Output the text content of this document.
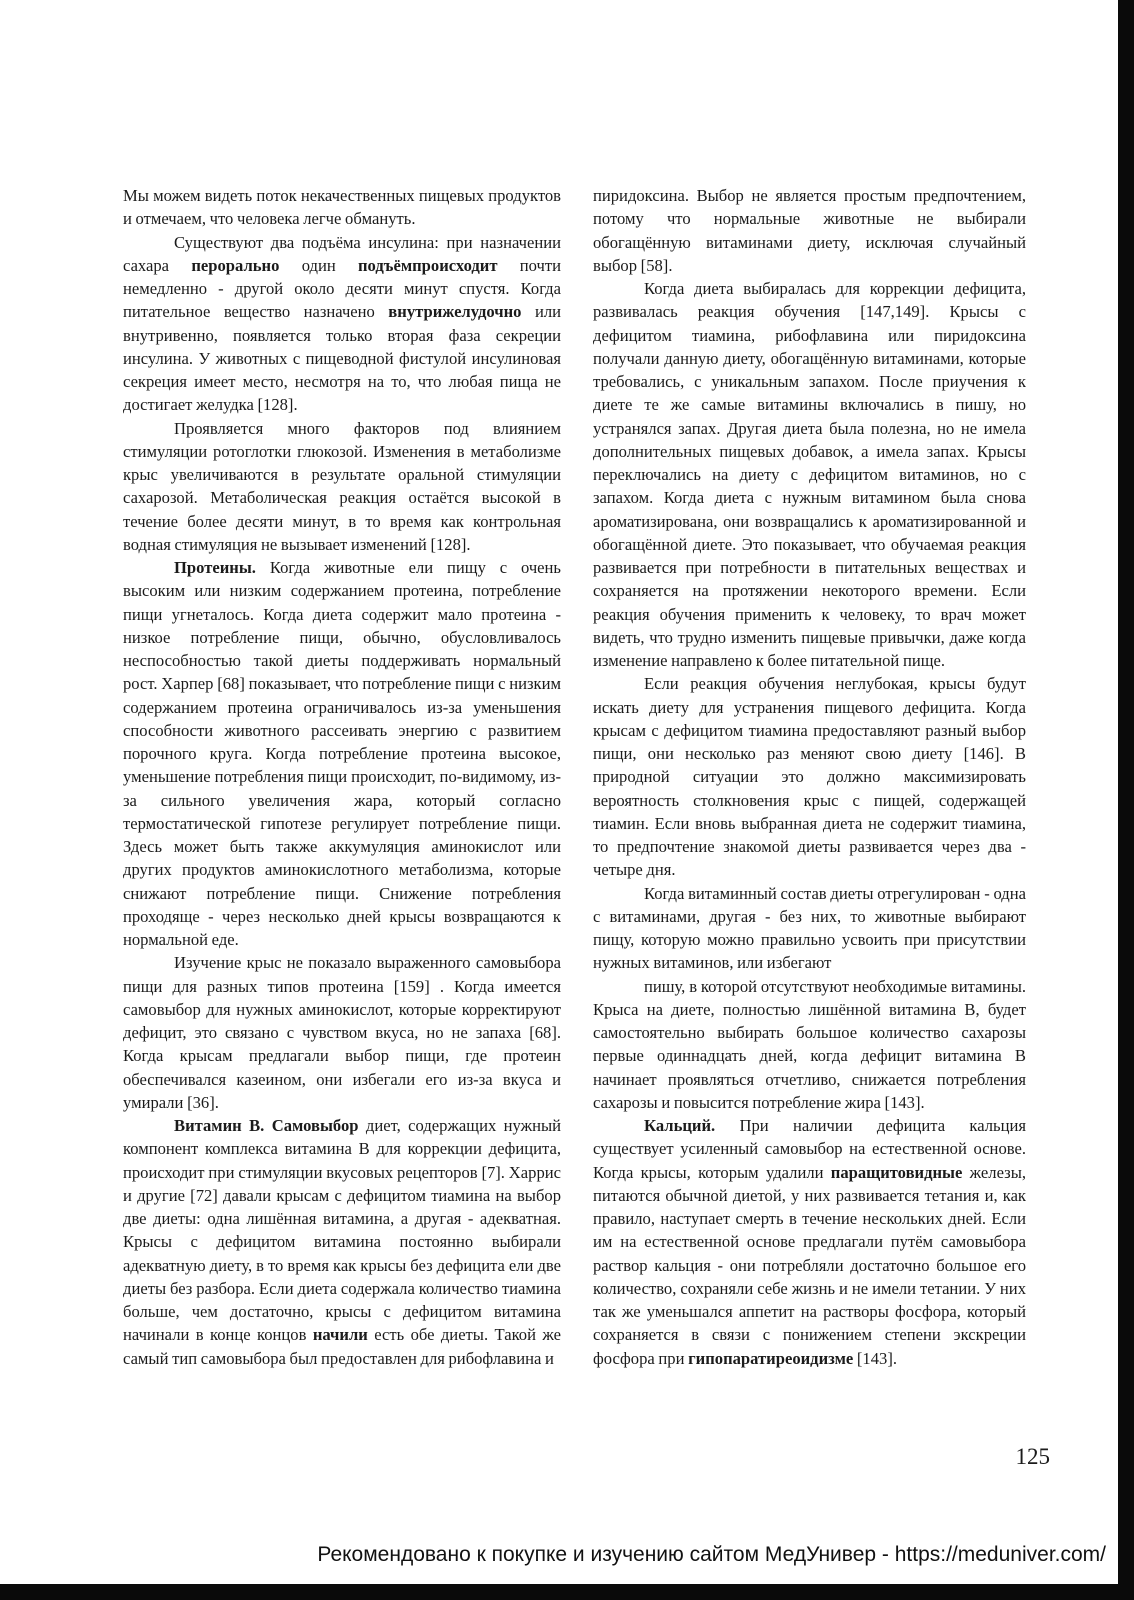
Мы можем видеть поток некачественных пищевых продуктов и отмечаем, что человека легче обмануть.

Существуют два подъёма инсулина: при назначении сахара перорально один подъёмпроисходит почти немедленно - другой около десяти минут спустя. Когда питательное вещество назначено внутрижелудочно или внутривенно, появляется только вторая фаза секреции инсулина. У животных с пищеводной фистулой инсулиновая секреция имеет место, несмотря на то, что любая пища не достигает желудка [128].

Проявляется много факторов под влиянием стимуляции ротоглотки глюкозой. Изменения в метаболизме крыс увеличиваются в результате оральной стимуляции сахарозой. Метаболическая реакция остаётся высокой в течение более десяти минут, в то время как контрольная водная стимуляция не вызывает изменений [128].

Протеины. Когда животные ели пищу с очень высоким или низким содержанием протеина, потребление пищи угнеталось. Когда диета содержит мало протеина - низкое потребление пищи, обычно, обусловливалось неспособностью такой диеты поддерживать нормальный рост. Харпер [68] показывает, что потребление пищи с низким содержанием протеина ограничивалось из-за уменьшения способности животного рассеивать энергию с развитием порочного круга. Когда потребление протеина высокое, уменьшение потребления пищи происходит, по-видимому, из-за сильного увеличения жара, который согласно термостатической гипотезе регулирует потребление пищи. Здесь может быть также аккумуляция аминокислот или других продуктов аминокислотного метаболизма, которые снижают потребление пищи. Снижение потребления проходяще - через несколько дней крысы возвращаются к нормальной еде.

Изучение крыс не показало выраженного самовыбора пищи для разных типов протеина [159] . Когда имеется самовыбор для нужных аминокислот, которые корректируют дефицит, это связано с чувством вкуса, но не запаха [68]. Когда крысам предлагали выбор пищи, где протеин обеспечивался казеином, они избегали его из-за вкуса и умирали [36].

Витамин В. Самовыбор диет, содержащих нужный компонент комплекса витамина В для коррекции дефицита, происходит при стимуляции вкусовых рецепторов [7]. Харрис и другие [72] давали крысам с дефицитом тиамина на выбор две диеты: одна лишённая витамина, а другая - адекватная. Крысы с дефицитом витамина постоянно выбирали адекватную диету, в то время как крысы без дефицита ели две диеты без разбора. Если диета содержала количество тиамина больше, чем достаточно, крысы с дефицитом витамина начинали в конце концов начили есть обе диеты. Такой же самый тип самовыбора был предоставлен для рибофлавина и

пиридоксина. Выбор не является простым предпочтением, потому что нормальные животные не выбирали обогащённую витаминами диету, исключая случайный выбор [58].

Когда диета выбиралась для коррекции дефицита, развивалась реакция обучения [147,149]. Крысы с дефицитом тиамина, рибофлавина или пиридоксина получали данную диету, обогащённую витаминами, которые требовались, с уникальным запахом. После приучения к диете те же самые витамины включались в пишу, но устранялся запах. Другая диета была полезна, но не имела дополнительных пищевых добавок, а имела запах. Крысы переключались на диету с дефицитом витаминов, но с запахом. Когда диета с нужным витамином была снова ароматизирована, они возвращались к ароматизированной и обогащённой диете. Это показывает, что обучаемая реакция развивается при потребности в питательных веществах и сохраняется на протяжении некоторого времени. Если реакция обучения применить к человеку, то врач может видеть, что трудно изменить пищевые привычки, даже когда изменение направлено к более питательной пище.

Если реакция обучения неглубокая, крысы будут искать диету для устранения пищевого дефицита. Когда крысам с дефицитом тиамина предоставляют разный выбор пищи, они несколько раз меняют свою диету [146]. В природной ситуации это должно максимизировать вероятность столкновения крыс с пищей, содержащей тиамин. Если вновь выбранная диета не содержит тиамина, то предпочтение знакомой диеты развивается через два - четыре дня.

Когда витаминный состав диеты отрегулирован - одна с витаминами, другая - без них, то животные выбирают пищу, которую можно правильно усвоить при присутствии нужных витаминов, или избегают

пишу, в которой отсутствуют необходимые витамины. Крыса на диете, полностью лишённой витамина В, будет самостоятельно выбирать большое количество сахарозы первые одиннадцать дней, когда дефицит витамина В начинает проявляться отчетливо, снижается потребления сахарозы и повысится потребление жира [143].

Кальций. При наличии дефицита кальция существует усиленный самовыбор на естественной основе. Когда крысы, которым удалили паращитовидные железы, питаются обычной диетой, у них развивается тетания и, как правило, наступает смерть в течение нескольких дней. Если им на естественной основе предлагали путём самовыбора раствор кальция - они потребляли достаточно большое его количество, сохраняли себе жизнь и не имели тетании. У них так же уменьшался аппетит на растворы фосфора, который сохраняется в связи с понижением степени экскреции фосфора при гипопаратиреоидизме [143].

125
Рекомендовано к покупке и изучению сайтом МедУнивер - https://meduniver.com/
